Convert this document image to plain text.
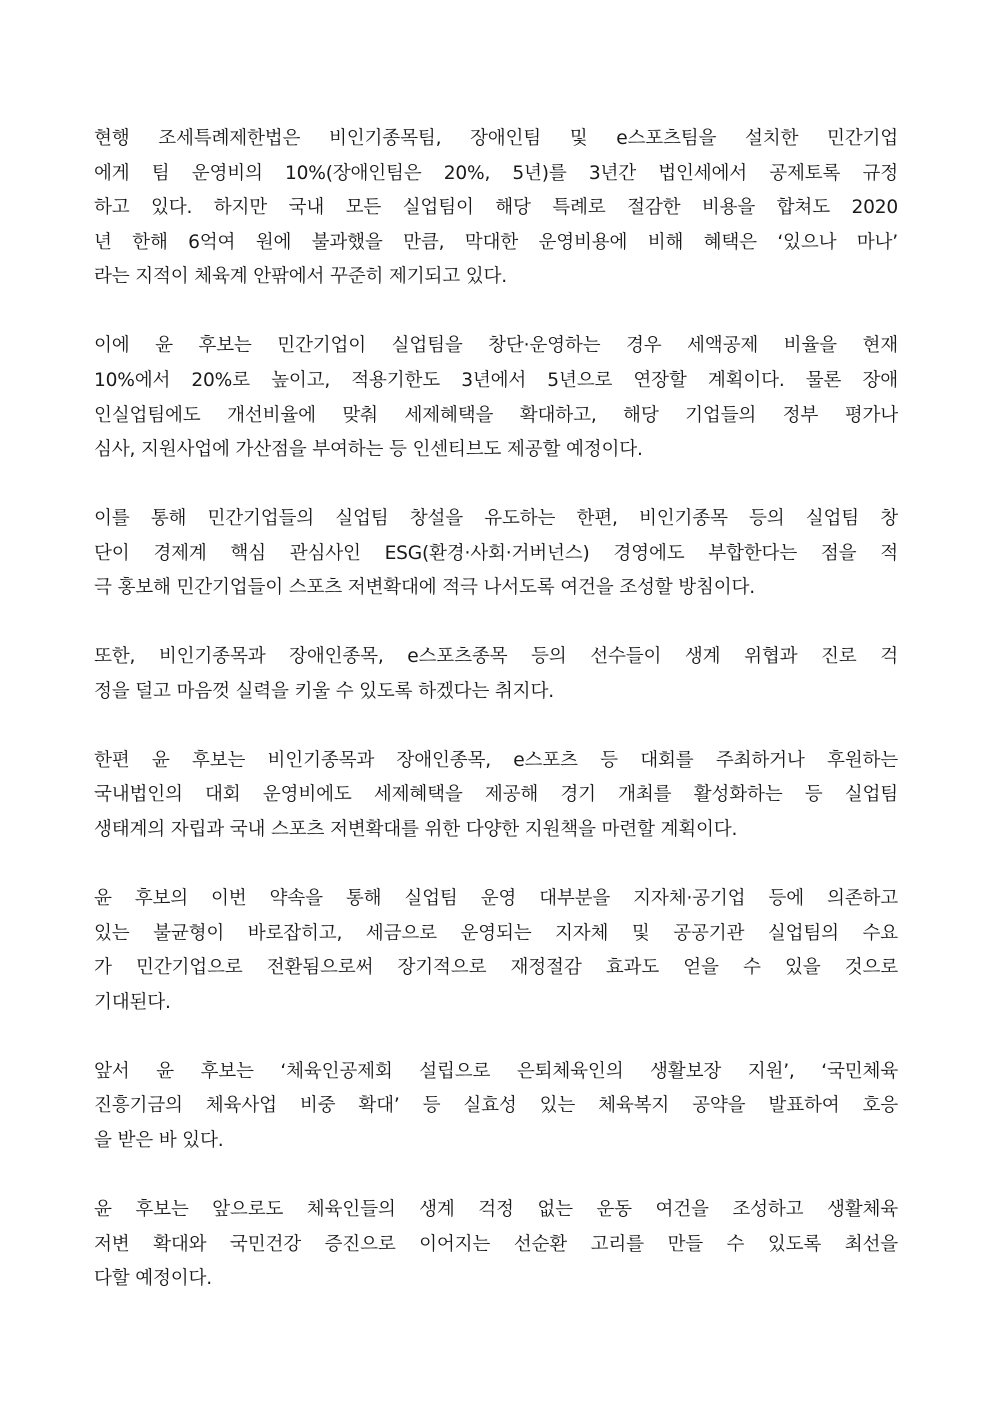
현행 조세특례제한법은 비인기종목팀, 장애인팀 및 e스포츠팀을 설치한 민간기업
에게 팀 운영비의 10%(장애인팀은 20%, 5년)를 3년간 법인세에서 공제토록 규정
하고 있다. 하지만 국내 모든 실업팀이 해당 특례로 절감한 비용을 합쳐도 2020
년 한해 6억여 원에 불과했을 만큼, 막대한 운영비용에 비해 혜택은 ‘있으나 마나’
라는 지적이 체육계 안팎에서 꾸준히 제기되고 있다.

이에 윤 후보는 민간기업이 실업팀을 창단·운영하는 경우 세액공제 비율을 현재
10%에서 20%로 높이고, 적용기한도 3년에서 5년으로 연장할 계획이다. 물론 장애
인실업팀에도 개선비율에 맞춰 세제혜택을 확대하고, 해당 기업들의 정부 평가나
심사, 지원사업에 가산점을 부여하는 등 인센티브도 제공할 예정이다.

이를 통해 민간기업들의 실업팀 창설을 유도하는 한편, 비인기종목 등의 실업팀 창
단이 경제계 핵심 관심사인 ESG(환경·사회·거버넌스) 경영에도 부합한다는 점을 적
극 홍보해 민간기업들이 스포츠 저변확대에 적극 나서도록 여건을 조성할 방침이다.

또한, 비인기종목과 장애인종목, e스포츠종목 등의 선수들이 생계 위협과 진로 걱
정을 덜고 마음껏 실력을 키울 수 있도록 하겠다는 취지다.

한편 윤 후보는 비인기종목과 장애인종목, e스포츠 등 대회를 주최하거나 후원하는
국내법인의 대회 운영비에도 세제혜택을 제공해 경기 개최를 활성화하는 등 실업팀
생태계의 자립과 국내 스포츠 저변확대를 위한 다양한 지원책을 마련할 계획이다.

윤 후보의 이번 약속을 통해 실업팀 운영 대부분을 지자체·공기업 등에 의존하고
있는 불균형이 바로잡히고, 세금으로 운영되는 지자체 및 공공기관 실업팀의 수요
가 민간기업으로 전환됨으로써 장기적으로 재정절감 효과도 얻을 수 있을 것으로
기대된다.

앞서 윤 후보는 ‘체육인공제회 설립으로 은퇴체육인의 생활보장 지원’, ‘국민체육
진흥기금의 체육사업 비중 확대’ 등 실효성 있는 체육복지 공약을 발표하여 호응
을 받은 바 있다.

윤 후보는 앞으로도 체육인들의 생계 걱정 없는 운동 여건을 조성하고 생활체육
저변 확대와 국민건강 증진으로 이어지는 선순환 고리를 만들 수 있도록 최선을
다할 예정이다.
